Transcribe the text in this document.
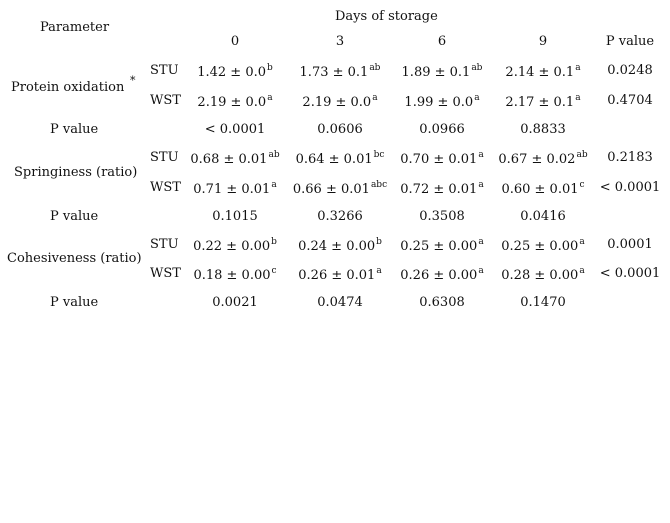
Parameter
Days of storage
0	3	6	9	P value
Protein oxidation *
STU 1.42 ± 0.0$^b$ 1.73 ± 0.1$^{ab}$ 1.89 ± 0.1$^{ab}$ 2.14 ± 0.1$^a$ 0.0248
WST 2.19 ± 0.0$^a$ 2.19 ± 0.0$^a$ 1.99 ± 0.0$^a$ 2.17 ± 0.1$^a$ 0.4704
P value	< 0.0001	0.0606	0.0966	0.8833
Springiness (ratio)
STU 0.68 ± 0.01$^{ab}$ 0.64 ± 0.01$^{bc}$ 0.70 ± 0.01$^a$ 0.67 ± 0.02$^{ab}$ 0.2183
WST 0.71 ± 0.01$^a$ 0.66 ± 0.01$^{abc}$ 0.72 ± 0.01$^a$ 0.60 ± 0.01$^c$ < 0.0001
P value	0.1015	0.3266	0.3508	0.0416
Cohesiveness (ratio)
STU 0.22 ± 0.00$^b$ 0.24 ± 0.00$^b$ 0.25 ± 0.00$^a$ 0.25 ± 0.00$^a$ 0.0001
WST 0.18 ± 0.00$^c$ 0.26 ± 0.01$^a$ 0.26 ± 0.00$^a$ 0.28 ± 0.00$^a$ < 0.0001
P value	0.0021	0.0474	0.6308	0.1470
